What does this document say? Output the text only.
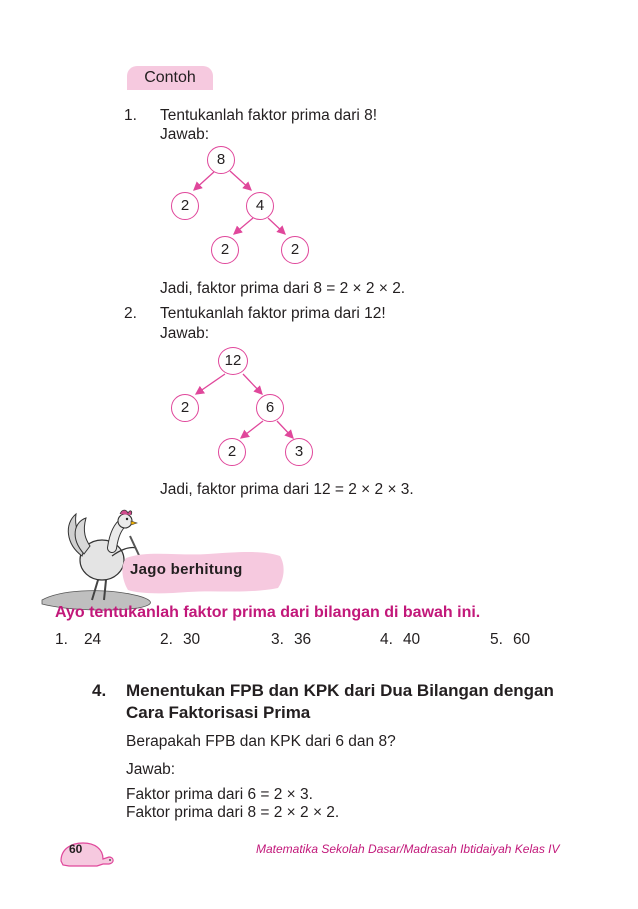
Contoh
1. Tentukanlah faktor prima dari 8!
Jawab:
8
2	4
2	2
Jadi, faktor prima dari 8 = 2 × 2 × 2.
2. Tentukanlah faktor prima dari 12!
Jawab:
12
2	6
2	3
Jadi, faktor prima dari 12 = 2 × 2 × 3.
Jago berhitung
Ayo tentukanlah faktor prima dari bilangan di bawah ini.
1. 24	2. 30	3. 36	4. 40	5. 60
4. Menentukan FPB dan KPK dari Dua Bilangan dengan
Cara Faktorisasi Prima
Berapakah FPB dan KPK dari 6 dan 8?
Jawab:
Faktor prima dari 6 = 2 × 3.
Faktor prima dari 8 = 2 × 2 × 2.
60	Matematika Sekolah Dasar/Madrasah Ibtidaiyah Kelas IV
